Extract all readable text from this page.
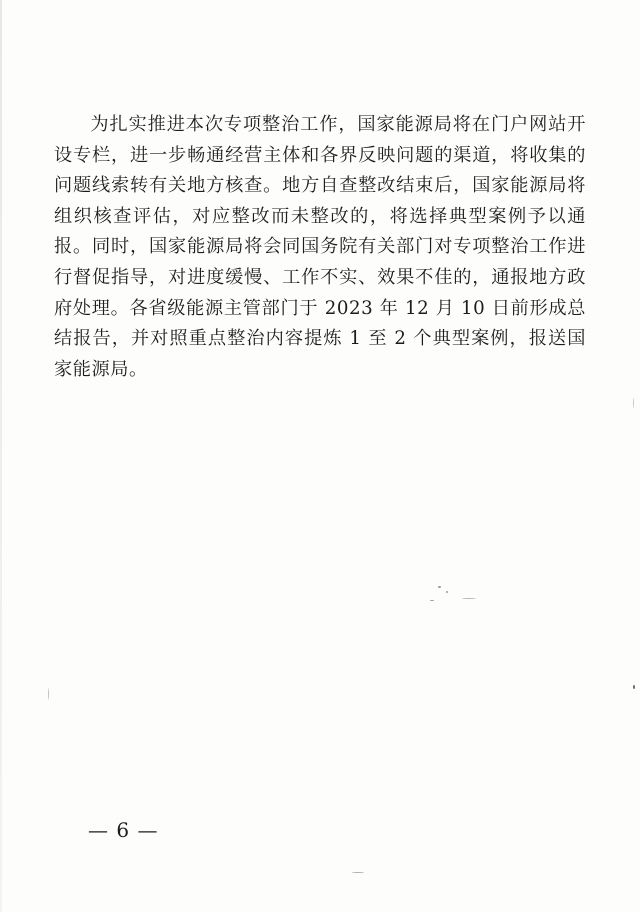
为扎实推进本次专项整治工作，国家能源局将在门户网站开设专栏，进一步畅通经营主体和各界反映问题的渠道，将收集的问题线索转有关地方核查。地方自查整改结束后，国家能源局将组织核查评估，对应整改而未整改的，将选择典型案例予以通报。同时，国家能源局将会同国务院有关部门对专项整治工作进行督促指导，对进度缓慢、工作不实、效果不佳的，通报地方政府处理。各省级能源主管部门于 2023 年 12 月 10 日前形成总结报告，并对照重点整治内容提炼 1 至 2 个典型案例，报送国家能源局。

— 6 —
